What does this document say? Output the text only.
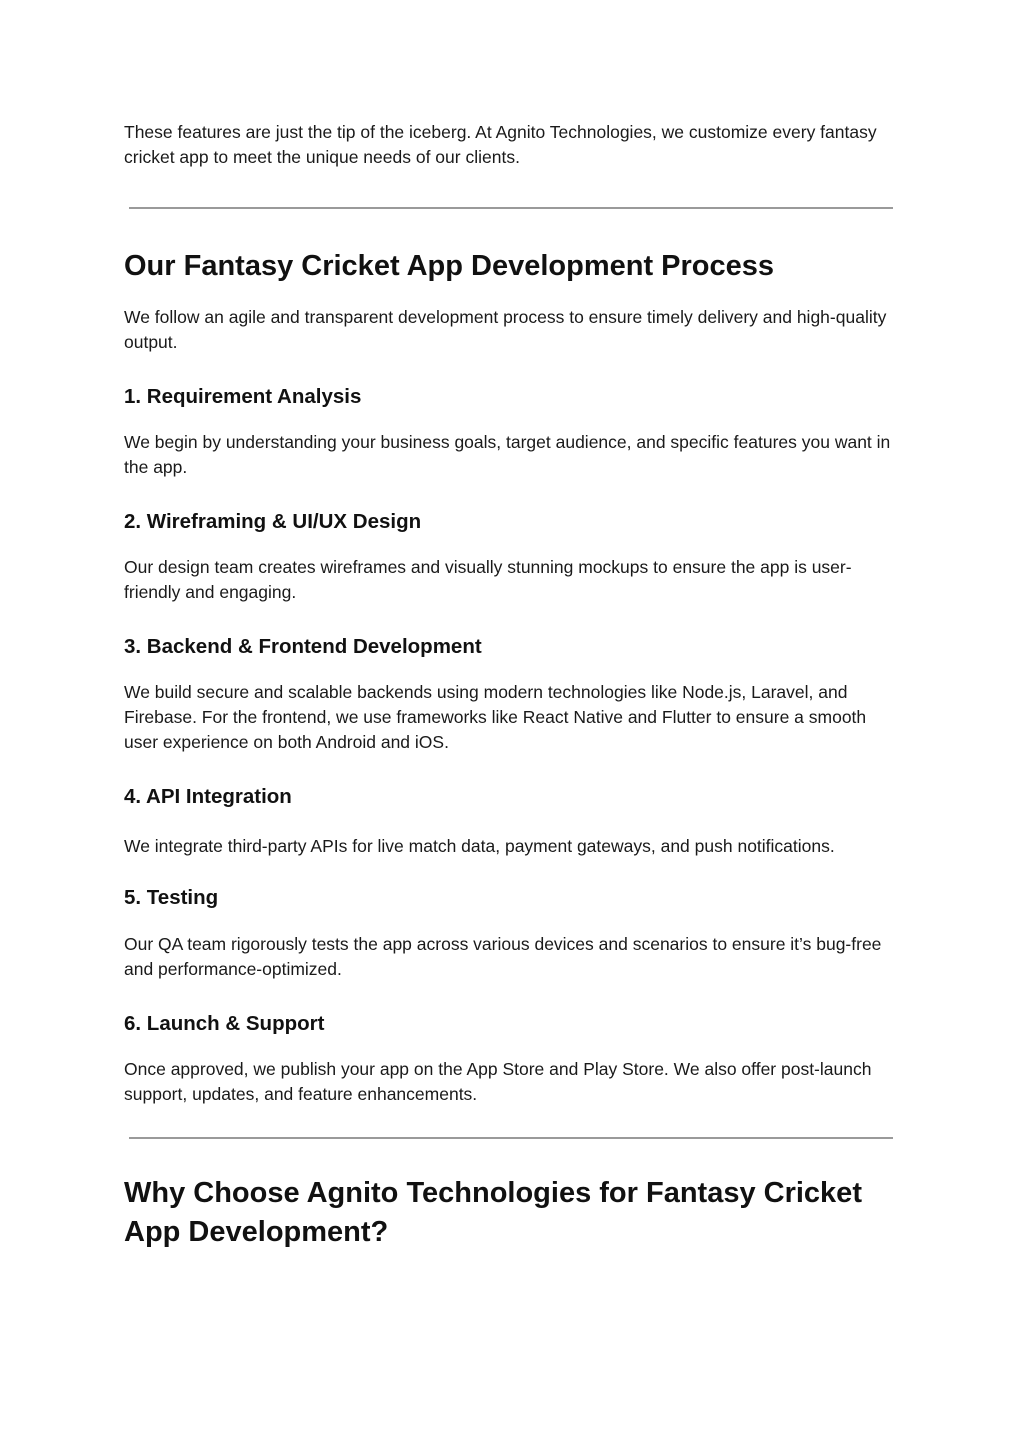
These features are just the tip of the iceberg. At Agnito Technologies, we customize every fantasy cricket app to meet the unique needs of our clients.

Our Fantasy Cricket App Development Process

We follow an agile and transparent development process to ensure timely delivery and high-quality output.

1. Requirement Analysis

We begin by understanding your business goals, target audience, and specific features you want in the app.

2. Wireframing & UI/UX Design

Our design team creates wireframes and visually stunning mockups to ensure the app is user-friendly and engaging.

3. Backend & Frontend Development

We build secure and scalable backends using modern technologies like Node.js, Laravel, and Firebase. For the frontend, we use frameworks like React Native and Flutter to ensure a smooth user experience on both Android and iOS.

4. API Integration

We integrate third-party APIs for live match data, payment gateways, and push notifications.

5. Testing

Our QA team rigorously tests the app across various devices and scenarios to ensure it’s bug-free and performance-optimized.

6. Launch & Support

Once approved, we publish your app on the App Store and Play Store. We also offer post-launch support, updates, and feature enhancements.

Why Choose Agnito Technologies for Fantasy Cricket App Development?
